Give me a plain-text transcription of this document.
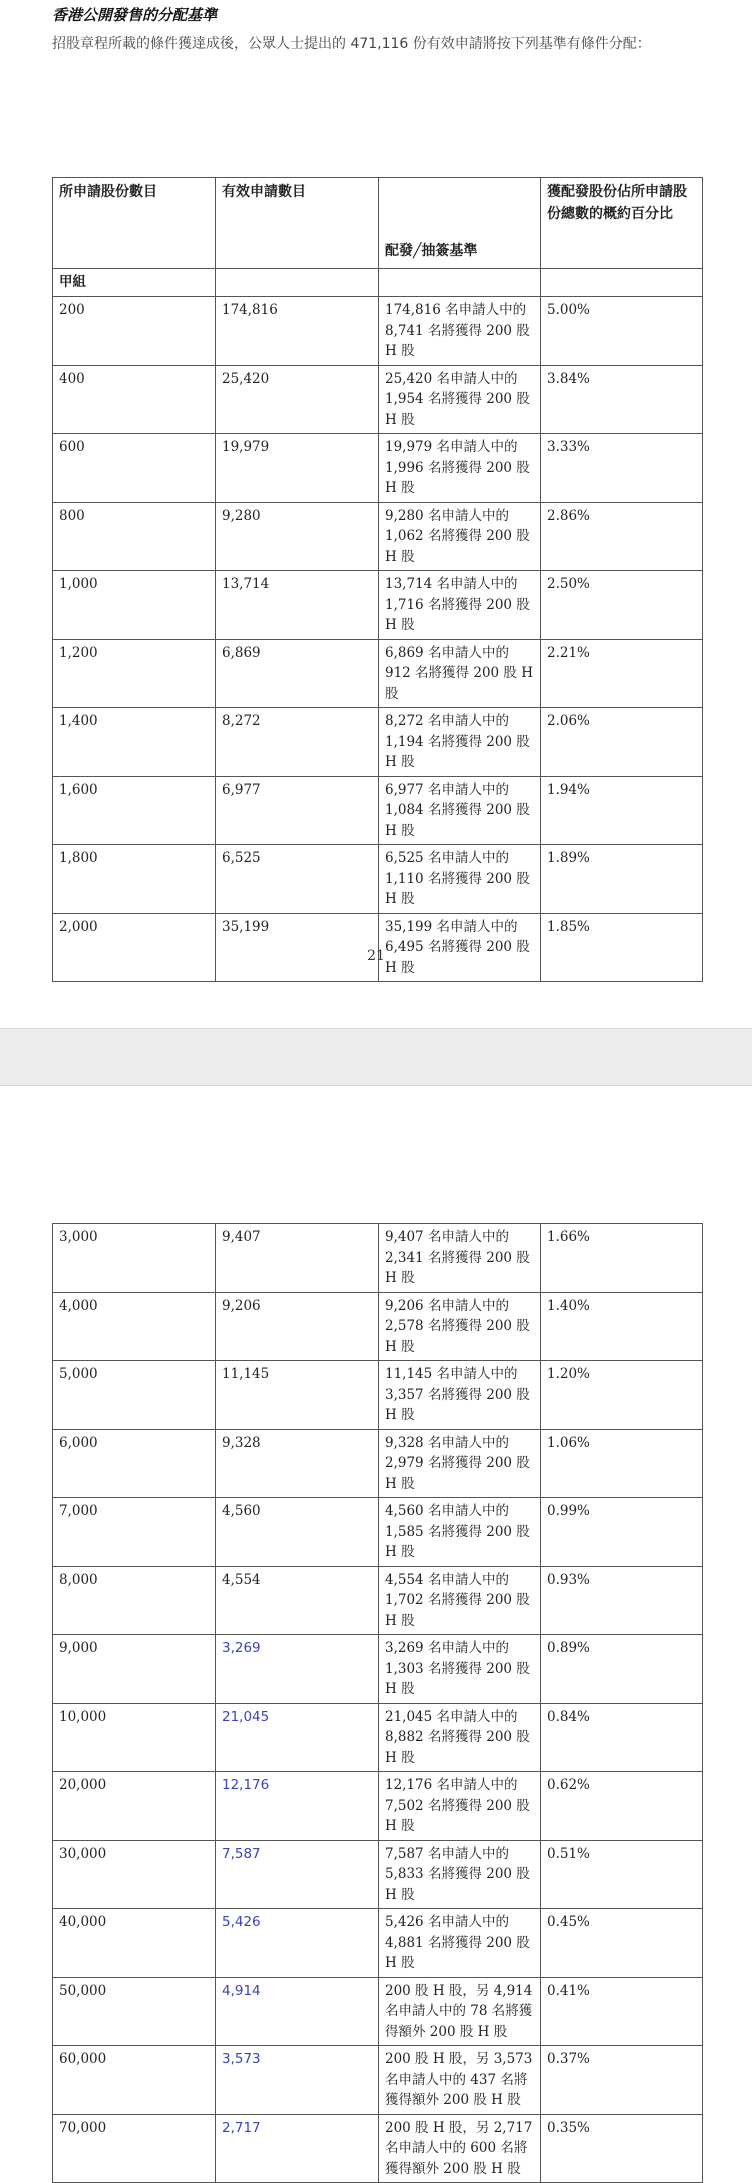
香港公開發售的分配基準
招股章程所載的條件獲達成後，公眾人士提出的 471,116 份有效申請將按下列基準有條件分配：
所申請股份數目	有效申請數目	配發╱抽簽基準	獲配發股份佔所申請股份總數的概約百分比
甲組			
200	174,816	174,816 名申請人中的 8,741 名將獲得 200 股 H 股	5.00%
400	25,420	25,420 名申請人中的 1,954 名將獲得 200 股 H 股	3.84%
600	19,979	19,979 名申請人中的 1,996 名將獲得 200 股 H 股	3.33%
800	9,280	9,280 名申請人中的 1,062 名將獲得 200 股 H 股	2.86%
1,000	13,714	13,714 名申請人中的 1,716 名將獲得 200 股 H 股	2.50%
1,200	6,869	6,869 名申請人中的 912 名將獲得 200 股 H 股	2.21%
1,400	8,272	8,272 名申請人中的 1,194 名將獲得 200 股 H 股	2.06%
1,600	6,977	6,977 名申請人中的 1,084 名將獲得 200 股 H 股	1.94%
1,800	6,525	6,525 名申請人中的 1,110 名將獲得 200 股 H 股	1.89%
2,000	35,199	35,199 名申請人中的 6,495 名將獲得 200 股 H 股	1.85%
21
3,000	9,407	9,407 名申請人中的 2,341 名將獲得 200 股 H 股	1.66%
4,000	9,206	9,206 名申請人中的 2,578 名將獲得 200 股 H 股	1.40%
5,000	11,145	11,145 名申請人中的 3,357 名將獲得 200 股 H 股	1.20%
6,000	9,328	9,328 名申請人中的 2,979 名將獲得 200 股 H 股	1.06%
7,000	4,560	4,560 名申請人中的 1,585 名將獲得 200 股 H 股	0.99%
8,000	4,554	4,554 名申請人中的 1,702 名將獲得 200 股 H 股	0.93%
9,000	3,269	3,269 名申請人中的 1,303 名將獲得 200 股 H 股	0.89%
10,000	21,045	21,045 名申請人中的 8,882 名將獲得 200 股 H 股	0.84%
20,000	12,176	12,176 名申請人中的 7,502 名將獲得 200 股 H 股	0.62%
30,000	7,587	7,587 名申請人中的 5,833 名將獲得 200 股 H 股	0.51%
40,000	5,426	5,426 名申請人中的 4,881 名將獲得 200 股 H 股	0.45%
50,000	4,914	200 股 H 股，另 4,914 名申請人中的 78 名將獲得額外 200 股 H 股	0.41%
60,000	3,573	200 股 H 股，另 3,573 名申請人中的 437 名將獲得額外 200 股 H 股	0.37%
70,000	2,717	200 股 H 股，另 2,717 名申請人中的 600 名將獲得額外 200 股 H 股	0.35%
